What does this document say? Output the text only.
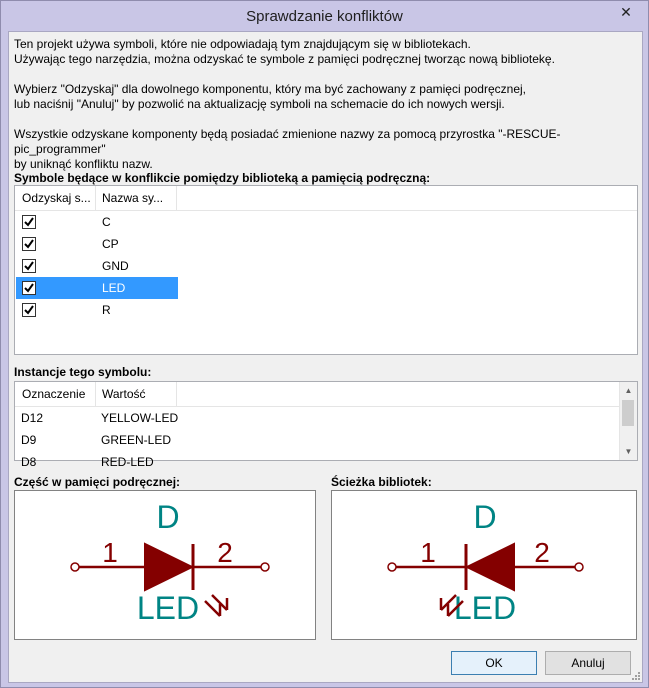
Sprawdzanie konfliktów	✕
Ten projekt używa symboli, które nie odpowiadają tym znajdującym się w bibliotekach.
Używając tego narzędzia, można odzyskać te symbole z pamięci podręcznej tworząc nową bibliotekę.

Wybierz "Odzyskaj" dla dowolnego komponentu, który ma być zachowany z pamięci podręcznej,
lub naciśnij "Anuluj" by pozwolić na aktualizację symboli na schemacie do ich nowych wersji.

Wszystkie odzyskane komponenty będą posiadać zmienione nazwy za pomocą przyrostka "-RESCUE-pic_programmer"
by uniknąć konfliktu nazw.
Symbole będące w konflikcie pomiędzy biblioteką a pamięcią podręczną:
Odzyskaj s... Nazwa sy...
C
CP
GND
LED
R
Instancje tego symbolu:
Oznaczenie Wartość
D12	YELLOW-LED
D9	GREEN-LED
D8	RED-LED
▲
▼
Część w pamięci podręcznej:
D
LED
1	2
Ścieżka bibliotek:
D
LED
1	2
OK	Anuluj
